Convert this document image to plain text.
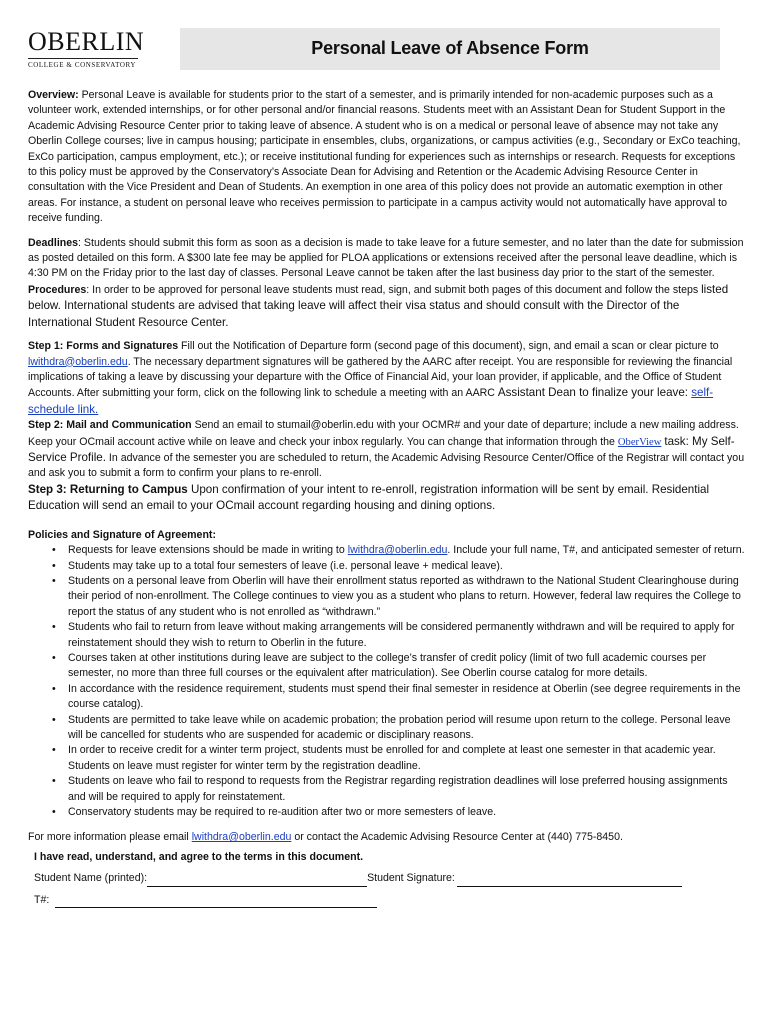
OBERLIN
COLLEGE & CONSERVATORY
Personal Leave of Absence Form

Overview: Personal Leave is available for students prior to the start of a semester, and is primarily intended for non-academic purposes such as a volunteer work, extended internships, or for other personal and/or financial reasons. Students meet with an Assistant Dean for Student Support in the Academic Advising Resource Center prior to taking leave of absence. A student who is on a medical or personal leave of absence may not take any Oberlin College courses; live in campus housing; participate in ensembles, clubs, organizations, or campus activities (e.g., Secondary or ExCo teaching, ExCo participation, campus employment, etc.); or receive institutional funding for experiences such as internships or research. Requests for exceptions to this policy must be approved by the Conservatory’s Associate Dean for Advising and Retention or the Academic Advising Resource Center in consultation with the Vice President and Dean of Students. An exemption in one area of this policy does not provide an automatic exemption in other areas. For instance, a student on personal leave who receives permission to participate in a campus activity would not automatically have approval to receive funding.

Deadlines: Students should submit this form as soon as a decision is made to take leave for a future semester, and no later than the date for submission as posted detailed on this form. A $300 late fee may be applied for PLOA applications or extensions received after the personal leave deadline, which is 4:30 PM on the Friday prior to the last day of classes. Personal Leave cannot be taken after the last business day prior to the start of the semester.

Procedures: In order to be approved for personal leave students must read, sign, and submit both pages of this document and follow the steps listed below. International students are advised that taking leave will affect their visa status and should consult with the Director of the International Student Resource Center.

Step 1: Forms and Signatures Fill out the Notification of Departure form (second page of this document), sign, and email a scan or clear picture to lwithdra@oberlin.edu. The necessary department signatures will be gathered by the AARC after receipt. You are responsible for reviewing the financial implications of taking a leave by discussing your departure with the Office of Financial Aid, your loan provider, if applicable, and the Office of Student Accounts. After submitting your form, click on the following link to schedule a meeting with an AARC Assistant Dean to finalize your leave: self-schedule link.

Step 2: Mail and Communication Send an email to stumail@oberlin.edu with your OCMR# and your date of departure; include a new mailing address. Keep your OCmail account active while on leave and check your inbox regularly. You can change that information through the OberView task: My Self-Service Profile. In advance of the semester you are scheduled to return, the Academic Advising Resource Center/Office of the Registrar will contact you and ask you to submit a form to confirm your plans to re-enroll.

Step 3: Returning to Campus Upon confirmation of your intent to re-enroll, registration information will be sent by email. Residential Education will send an email to your OCmail account regarding housing and dining options.

Policies and Signature of Agreement:

• Requests for leave extensions should be made in writing to lwithdra@oberlin.edu. Include your full name, T#, and anticipated semester of return.
• Students may take up to a total four semesters of leave (i.e. personal leave + medical leave).
• Students on a personal leave from Oberlin will have their enrollment status reported as withdrawn to the National Student Clearinghouse during their period of non-enrollment. The College continues to view you as a student who plans to return. However, federal law requires the College to report the status of any student who is not enrolled as “withdrawn.”
• Students who fail to return from leave without making arrangements will be considered permanently withdrawn and will be required to apply for reinstatement should they wish to return to Oberlin in the future.
• Courses taken at other institutions during leave are subject to the college’s transfer of credit policy (limit of two full academic courses per semester, no more than three full courses or the equivalent after matriculation). See Oberlin course catalog for more details.
• In accordance with the residence requirement, students must spend their final semester in residence at Oberlin (see degree requirements in the course catalog).
• Students are permitted to take leave while on academic probation; the probation period will resume upon return to the college. Personal leave will be cancelled for students who are suspended for academic or disciplinary reasons.
• In order to receive credit for a winter term project, students must be enrolled for and complete at least one semester in that academic year. Students on leave must register for winter term by the registration deadline.
• Students on leave who fail to respond to requests from the Registrar regarding registration deadlines will lose preferred housing assignments and will be required to apply for reinstatement.
• Conservatory students may be required to re-audition after two or more semesters of leave.

For more information please email lwithdra@oberlin.edu or contact the Academic Advising Resource Center at (440) 775-8450.

I have read, understand, and agree to the terms in this document.

Student Name (printed):	Student Signature:
T#:
